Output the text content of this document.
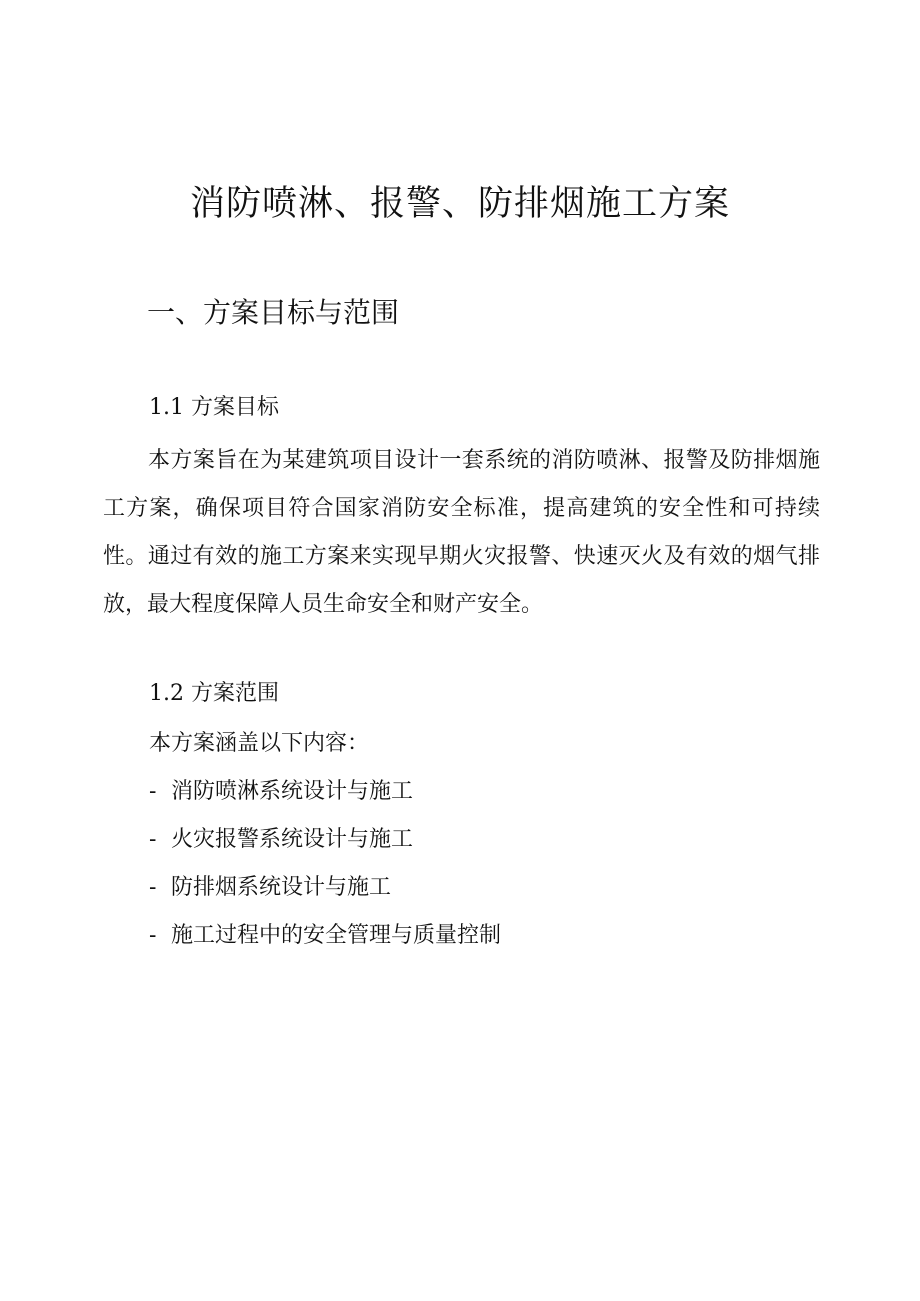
消防喷淋、报警、防排烟施工方案
一、方案目标与范围
1.1 方案目标

本方案旨在为某建筑项目设计一套系统的消防喷淋、报警及防排烟施工方案，确保项目符合国家消防安全标准，提高建筑的安全性和可持续性。通过有效的施工方案来实现早期火灾报警、快速灭火及有效的烟气排放，最大程度保障人员生命安全和财产安全。

1.2 方案范围

本方案涵盖以下内容：

- 消防喷淋系统设计与施工
- 火灾报警系统设计与施工
- 防排烟系统设计与施工
- 施工过程中的安全管理与质量控制
